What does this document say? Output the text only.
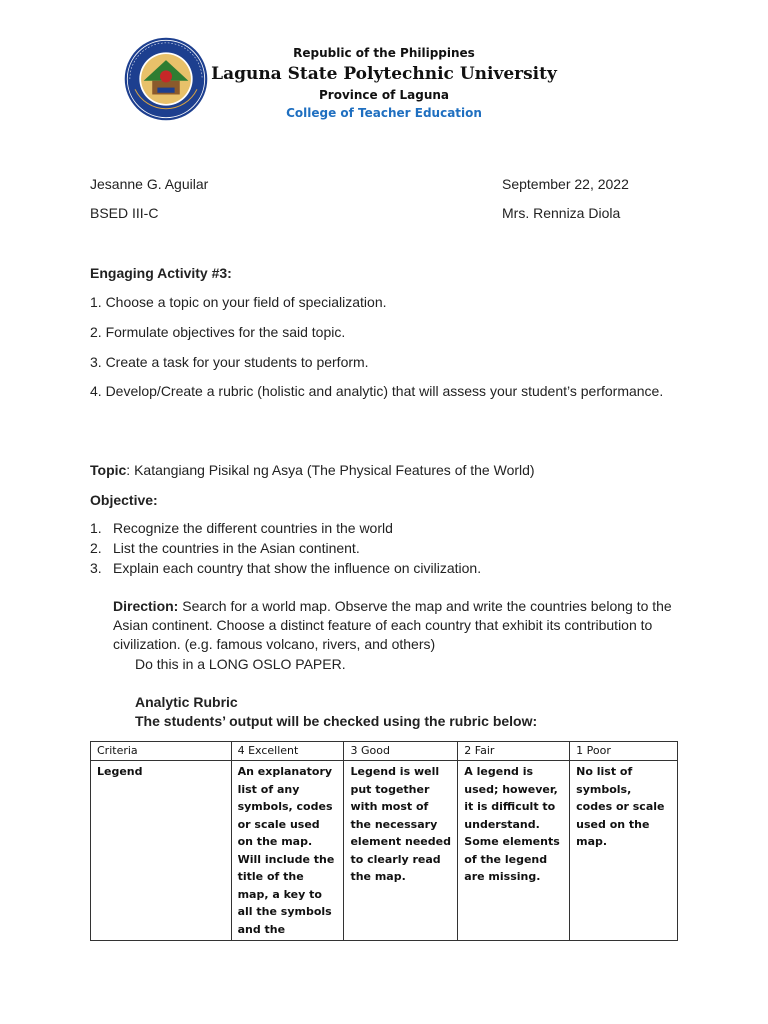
Republic of the Philippines
Laguna State Polytechnic University
Province of Laguna
College of Teacher Education
Jesanne G. Aguilar
BSED III-C
September 22, 2022
Mrs. Renniza Diola
Engaging Activity #3:
1. Choose a topic on your field of specialization.
2. Formulate objectives for the said topic.
3. Create a task for your students to perform.
4. Develop/Create a rubric (holistic and analytic) that will assess your student’s performance.
Topic: Katangiang Pisikal ng Asya (The Physical Features of the World)
Objective:
1. Recognize the different countries in the world
2. List the countries in the Asian continent.
3. Explain each country that show the influence on civilization.
Direction: Search for a world map. Observe the map and write the countries belong to the Asian continent. Choose a distinct feature of each country that exhibit its contribution to civilization. (e.g. famous volcano, rivers, and others)
Do this in a LONG OSLO PAPER.
Analytic Rubric
The students’ output will be checked using the rubric below:
Criteria	4 Excellent	3 Good	2 Fair	1 Poor
Legend	An explanatory list of any symbols, codes or scale used on the map. Will include the title of the map, a key to all the symbols and the	Legend is well put together with most of the necessary element needed to clearly read the map.	A legend is used; however, it is difficult to understand. Some elements of the legend are missing.	No list of symbols, codes or scale used on the map.
